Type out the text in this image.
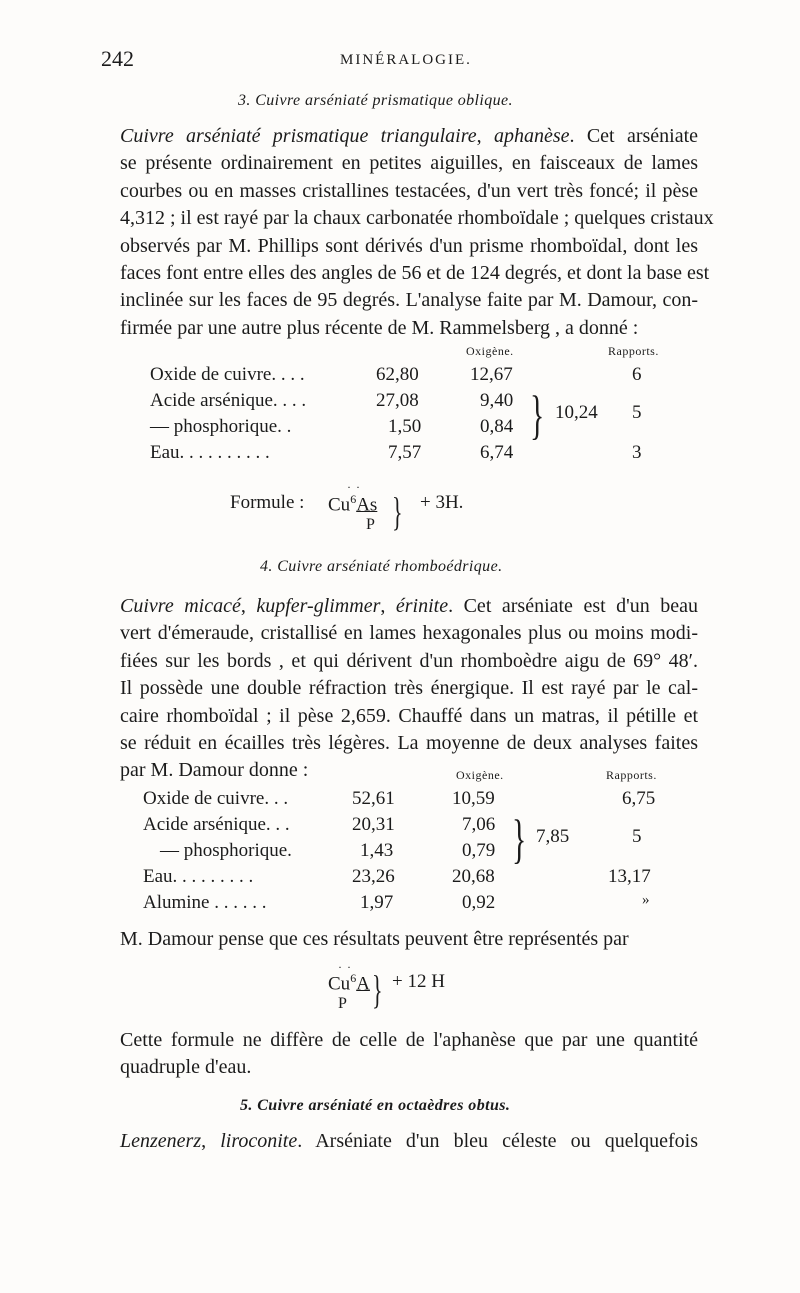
242	MINÉRALOGIE.
3. Cuivre arséniaté prismatique oblique.
Cuivre arséniaté prismatique triangulaire, aphanèse. Cet arséniate
se présente ordinairement en petites aiguilles, en faisceaux de lames
courbes ou en masses cristallines testacées, d'un vert très foncé; il pèse
4,312 ; il est rayé par la chaux carbonatée rhomboïdale ; quelques cristaux
observés par M. Phillips sont dérivés d'un prisme rhomboïdal, dont les
faces font entre elles des angles de 56 et de 124 degrés, et dont la base est
inclinée sur les faces de 95 degrés. L'analyse faite par M. Damour, con-
firmée par une autre plus récente de M. Rammelsberg , a donné :
Oxigène.	Rapports.
Oxide de cuivre. . . .	62,80	12,67	6
Acide arsénique. . . .	27,08	9,40
— phosphorique. .	1,50	0,84 } 10,24 5
Eau. . . . . . . . . .	7,57	6,74	3
Formule :
· ·
$Cu^6As$
P } + 3H.
4. Cuivre arséniaté rhomboédrique.
Cuivre micacé, kupfer-glimmer, érinite. Cet arséniate est d'un beau
vert d'émeraude, cristallisé en lames hexagonales plus ou moins modi-
fiées sur les bords , et qui dérivent d'un rhomboèdre aigu de 69° 48′.
Il possède une double réfraction très énergique. Il est rayé par le cal-
caire rhomboïdal ; il pèse 2,659. Chauffé dans un matras, il pétille et
se réduit en écailles très légères. La moyenne de deux analyses faites
par M. Damour donne :	Oxigène.	Rapports.
Oxide de cuivre. . .	52,61	10,59	6,75
Acide arsénique. . .	20,31	7,06
— phosphorique.	1,43	0,79 } 7,85	5
Eau. . . . . . . . .	23,26	20,68	13,17
Alumine . . . . . .	1,97	0,92	»
M. Damour pense que ces résultats peuvent être représentés par
· ·
$Cu^6A$
P } + 12 H
Cette formule ne diffère de celle de l'aphanèse que par une quantité
quadruple d'eau.
5. Cuivre arséniaté en octaèdres obtus.
Lenzenerz, liroconite. Arséniate d'un bleu céleste ou quelquefois
